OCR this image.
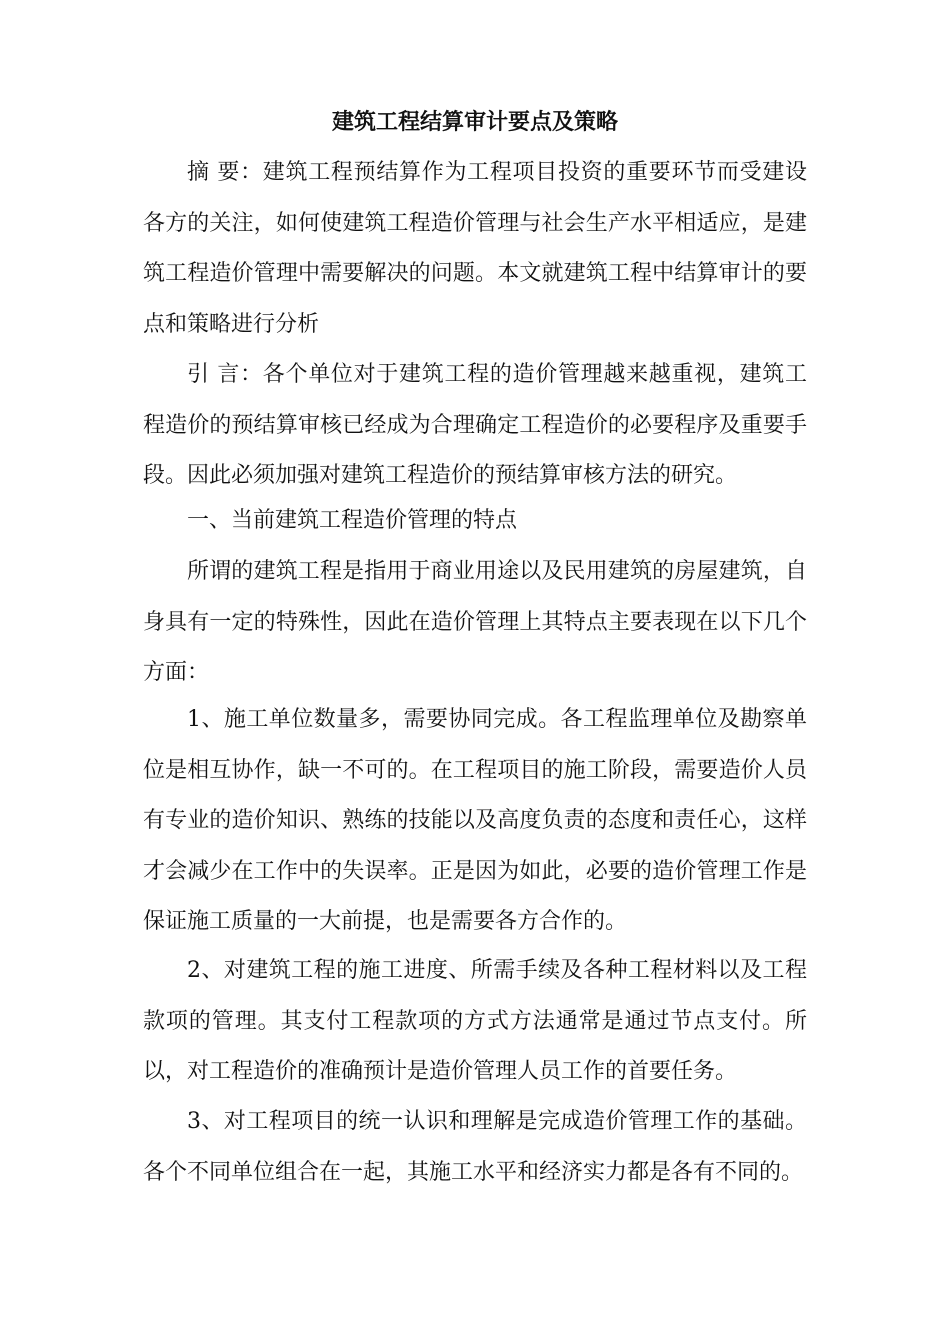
建筑工程结算审计要点及策略

摘 要：建筑工程预结算作为工程项目投资的重要环节而受建设各方的关注，如何使建筑工程造价管理与社会生产水平相适应，是建筑工程造价管理中需要解决的问题。本文就建筑工程中结算审计的要点和策略进行分析

引 言：各个单位对于建筑工程的造价管理越来越重视，建筑工程造价的预结算审核已经成为合理确定工程造价的必要程序及重要手段。因此必须加强对建筑工程造价的预结算审核方法的研究。

一、当前建筑工程造价管理的特点

所谓的建筑工程是指用于商业用途以及民用建筑的房屋建筑，自身具有一定的特殊性，因此在造价管理上其特点主要表现在以下几个方面：

1、施工单位数量多，需要协同完成。各工程监理单位及勘察单位是相互协作，缺一不可的。在工程项目的施工阶段，需要造价人员有专业的造价知识、熟练的技能以及高度负责的态度和责任心，这样才会减少在工作中的失误率。正是因为如此，必要的造价管理工作是保证施工质量的一大前提，也是需要各方合作的。

2、对建筑工程的施工进度、所需手续及各种工程材料以及工程款项的管理。其支付工程款项的方式方法通常是通过节点支付。所以，对工程造价的准确预计是造价管理人员工作的首要任务。

3、对工程项目的统一认识和理解是完成造价管理工作的基础。各个不同单位组合在一起，其施工水平和经济实力都是各有不同的。
